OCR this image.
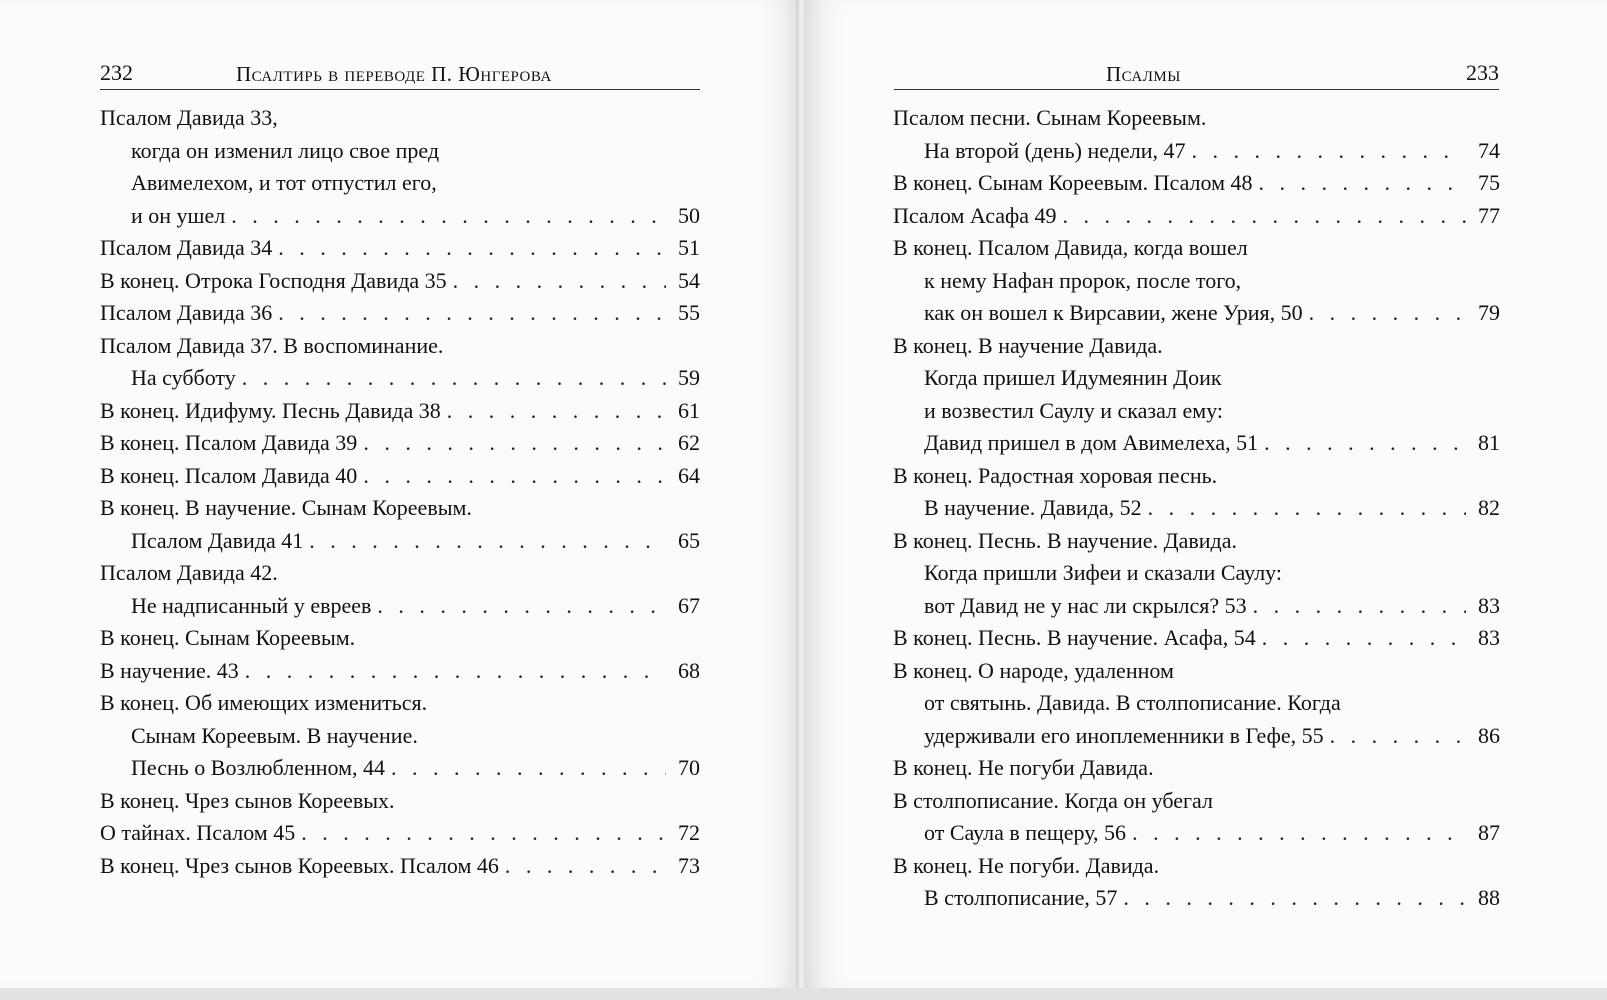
232	Псалтирь в переводе П. Юнгерова
Псалом Давида 33,
когда он изменил лицо свое пред
Авимелехом, и тот отпустил его,
и он ушел . . .	50
Псалом Давида 34 . . .	51
В конец. Отрока Господня Давида 35 . . .	54
Псалом Давида 36 . . .	55
Псалом Давида 37. В воспоминание.
На субботу . . .	59
В конец. Идифуму. Песнь Давида 38 . . .	61
В конец. Псалом Давида 39 . . .	62
В конец. Псалом Давида 40 . . .	64
В конец. В научение. Сынам Кореевым.
Псалом Давида 41 . . .	65
Псалом Давида 42.
Не надписанный у евреев . . .	67
В конец. Сынам Кореевым.
В научение. 43 . . .	68
В конец. Об имеющих измениться.
Сынам Кореевым. В научение.
Песнь о Возлюбленном, 44 . . .	70
В конец. Чрез сынов Кореевых.
О тайнах. Псалом 45 . . .	72
В конец. Чрез сынов Кореевых. Псалом 46 . . .	73
Псалмы	233
Псалом песни. Сынам Кореевым.
На второй (день) недели, 47 . . .	74
В конец. Сынам Кореевым. Псалом 48 . . .	75
Псалом Асафа 49 . . .	77
В конец. Псалом Давида, когда вошел
к нему Нафан пророк, после того,
как он вошел к Вирсавии, жене Урия, 50 . . .	79
В конец. В научение Давида.
Когда пришел Идумеянин Доик
и возвестил Саулу и сказал ему:
Давид пришел в дом Авимелеха, 51 . . .	81
В конец. Радостная хоровая песнь.
В научение. Давида, 52 . . .	82
В конец. Песнь. В научение. Давида.
Когда пришли Зифеи и сказали Саулу:
вот Давид не у нас ли скрылся? 53 . . .	83
В конец. Песнь. В научение. Асафа, 54 . . .	83
В конец. О народе, удаленном
от святынь. Давида. В столпописание. Когда
удерживали его иноплеменники в Гефе, 55 . . .	86
В конец. Не погуби Давида.
В столпописание. Когда он убегал
от Саула в пещеру, 56 . . .	87
В конец. Не погуби. Давида.
В столпописание, 57 . . .	88
